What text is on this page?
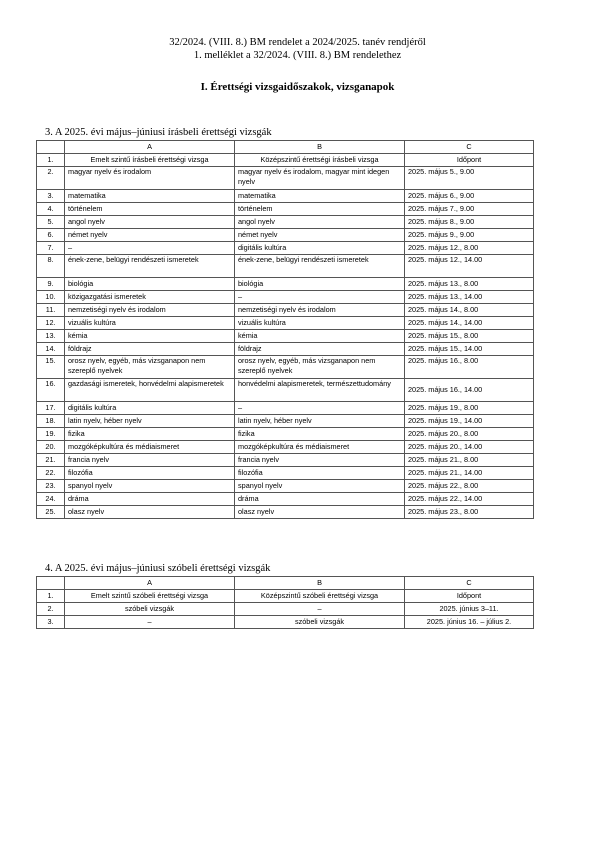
32/2024. (VIII. 8.) BM rendelet a 2024/2025. tanév rendjéről
1. melléklet a 32/2024. (VIII. 8.) BM rendelethez
I. Érettségi vizsgaidőszakok, vizsganapok
3. A 2025. évi május–júniusi írásbeli érettségi vizsgák
	A	B	C
1.	Emelt szintű írásbeli érettségi vizsga	Középszintű érettségi írásbeli vizsga	Időpont
2.	magyar nyelv és irodalom	magyar nyelv és irodalom, magyar mint idegen nyelv	2025. május 5., 9.00
3.	matematika	matematika	2025. május 6., 9.00
4.	történelem	történelem	2025. május 7., 9.00
5.	angol nyelv	angol nyelv	2025. május 8., 9.00
6.	német nyelv	német nyelv	2025. május 9., 9.00
7.	–	digitális kultúra	2025. május 12., 8.00
8.	ének-zene, belügyi rendészeti ismeretek	ének-zene, belügyi rendészeti ismeretek	2025. május 12., 14.00
9.	biológia	biológia	2025. május 13., 8.00
10.	közigazgatási ismeretek	–	2025. május 13., 14.00
11.	nemzetiségi nyelv és irodalom	nemzetiségi nyelv és irodalom	2025. május 14., 8.00
12.	vizuális kultúra	vizuális kultúra	2025. május 14., 14.00
13.	kémia	kémia	2025. május 15., 8.00
14.	földrajz	földrajz	2025. május 15., 14.00
15.	orosz nyelv, egyéb, más vizsganapon nem szereplő nyelvek	orosz nyelv, egyéb, más vizsganapon nem szereplő nyelvek	2025. május 16., 8.00
16.	gazdasági ismeretek, honvédelmi alapismeretek	honvédelmi alapismeretek, természettudomány	2025. május 16., 14.00
17.	digitális kultúra	–	2025. május 19., 8.00
18.	latin nyelv, héber nyelv	latin nyelv, héber nyelv	2025. május 19., 14.00
19.	fizika	fizika	2025. május 20., 8.00
20.	mozgóképkultúra és médiaismeret	mozgóképkultúra és médiaismeret	2025. május 20., 14.00
21.	francia nyelv	francia nyelv	2025. május 21., 8.00
22.	filozófia	filozófia	2025. május 21., 14.00
23.	spanyol nyelv	spanyol nyelv	2025. május 22., 8.00
24.	dráma	dráma	2025. május 22., 14.00
25.	olasz nyelv	olasz nyelv	2025. május 23., 8.00
4. A 2025. évi május–júniusi szóbeli érettségi vizsgák
	A	B	C
1.	Emelt szintű szóbeli érettségi vizsga	Középszintű szóbeli érettségi vizsga	Időpont
2.	szóbeli vizsgák	–	2025. június 3–11.
3.	–	szóbeli vizsgák	2025. június 16. – július 2.
